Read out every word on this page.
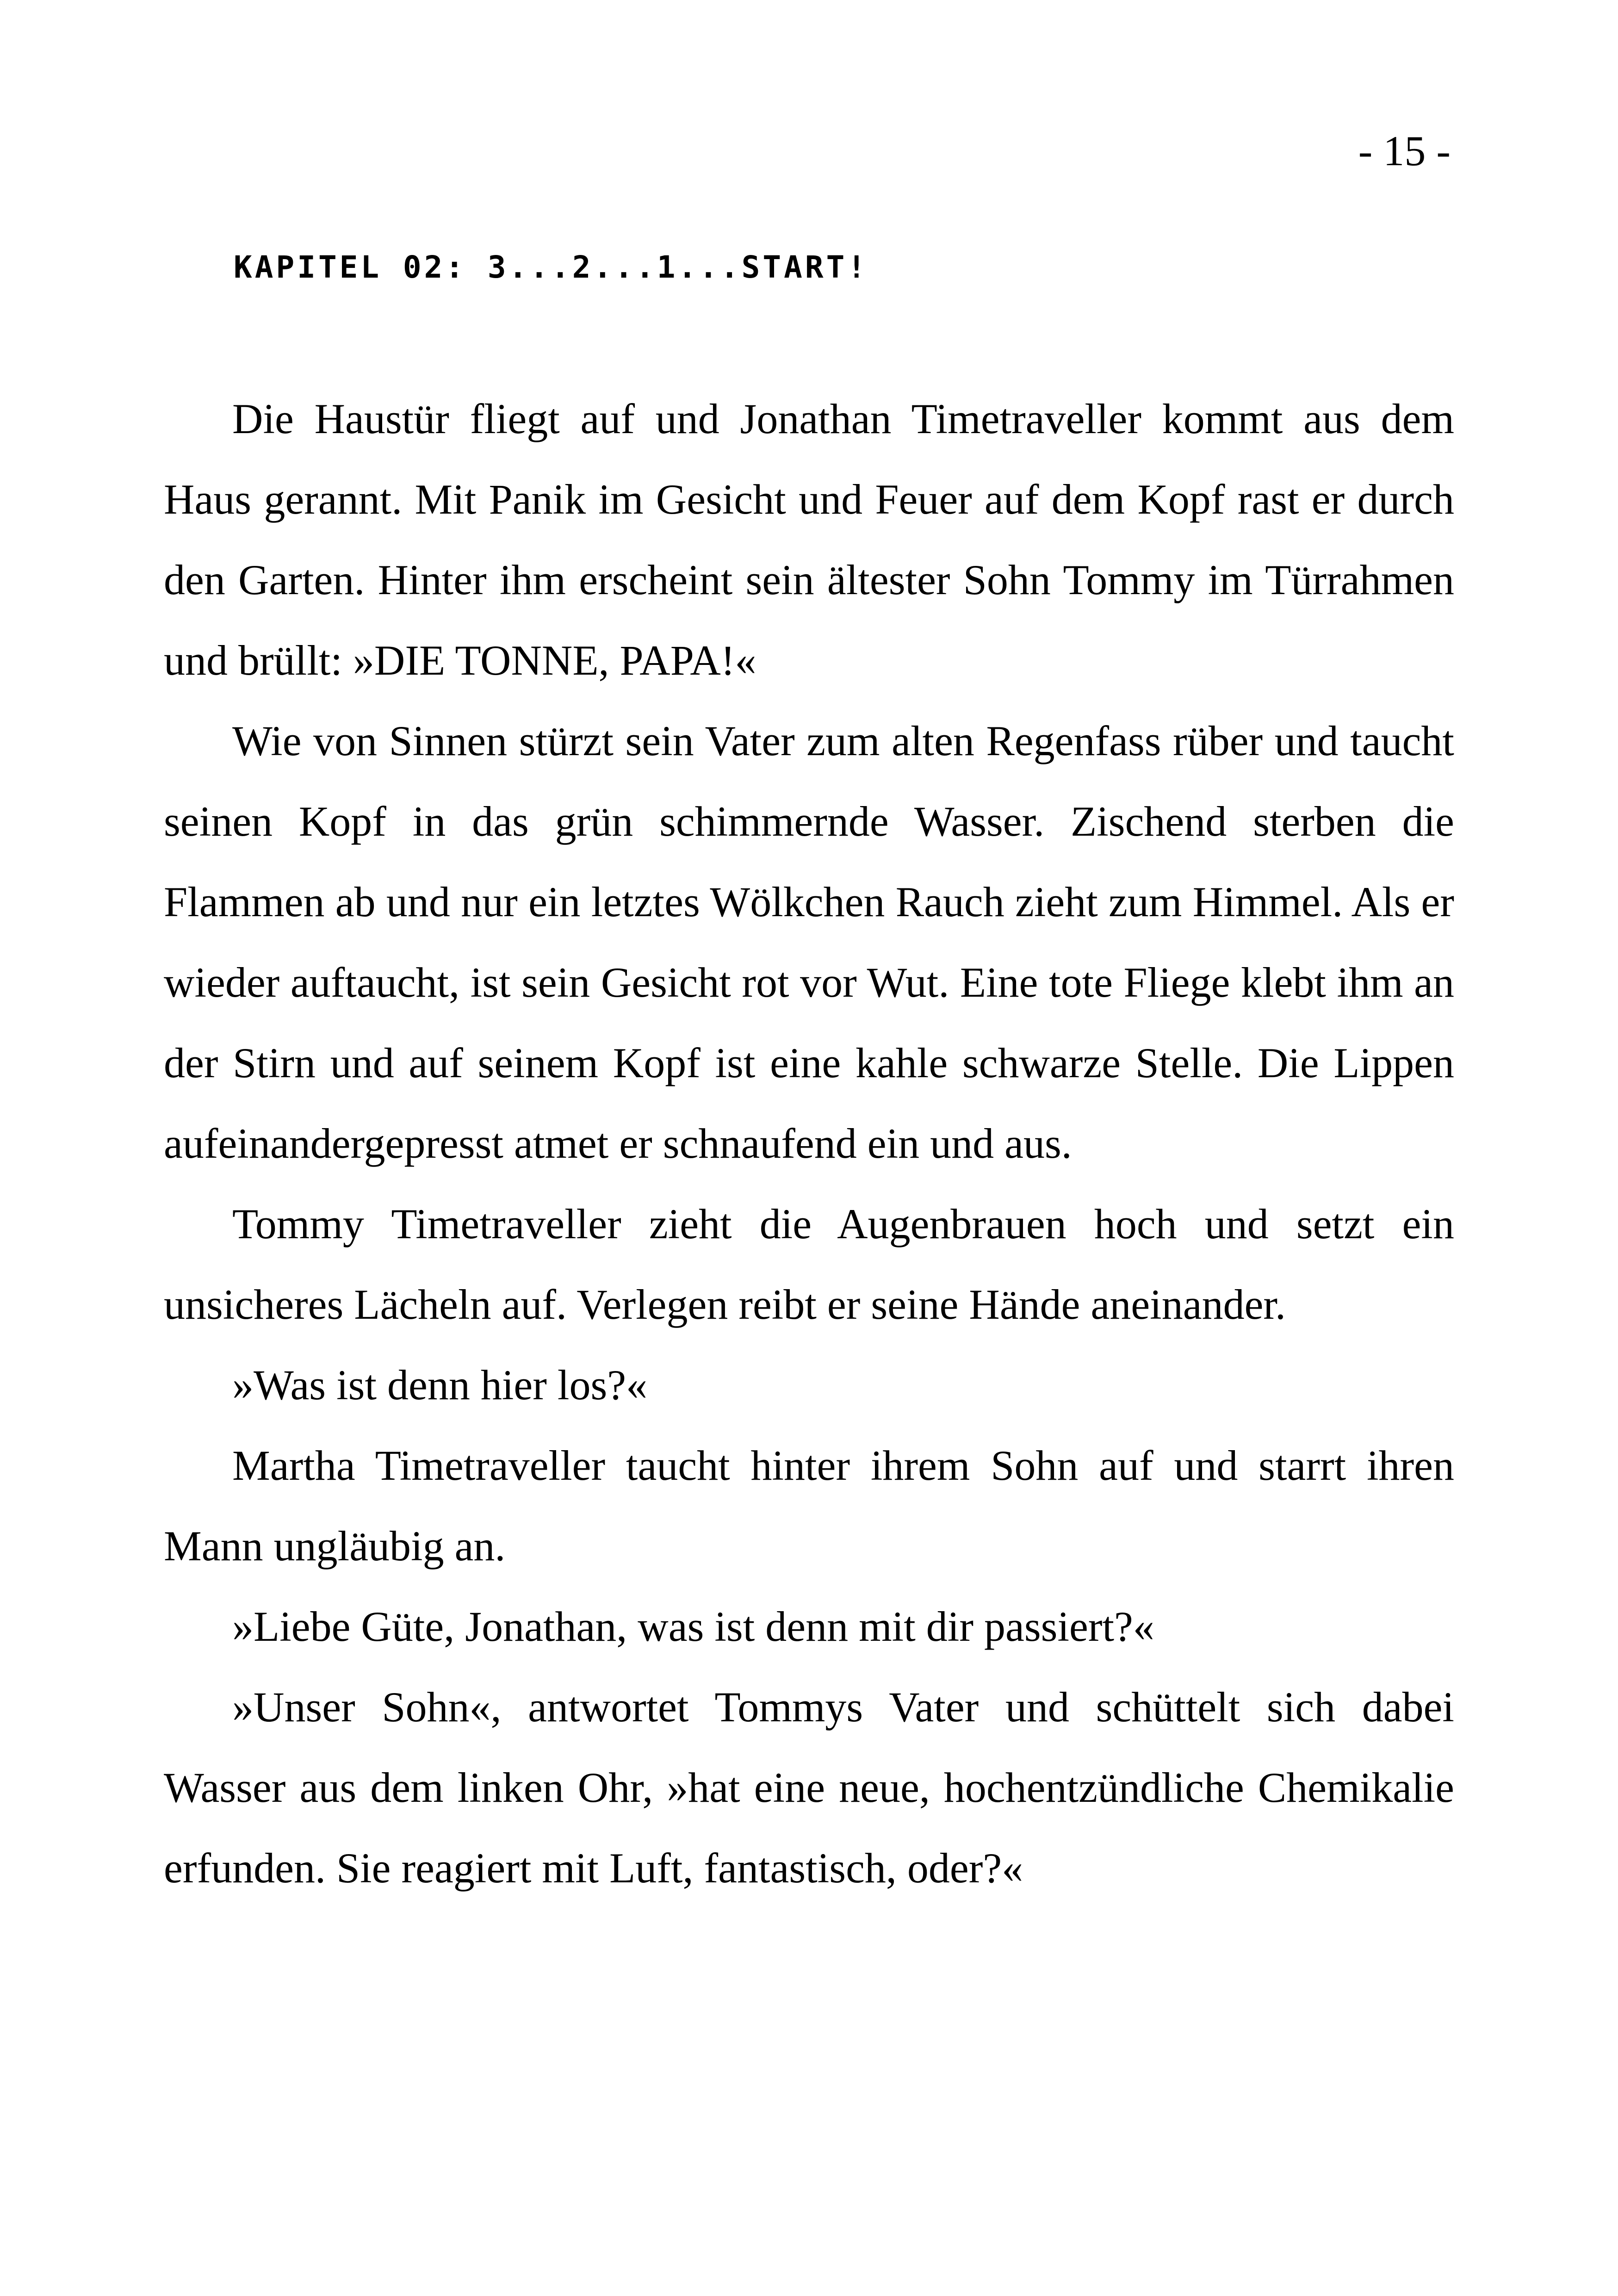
- 15 -
KAPITEL 02: 3...2...1...START!

Die Haustür fliegt auf und Jonathan Timetraveller kommt aus dem Haus gerannt. Mit Panik im Gesicht und Feuer auf dem Kopf rast er durch den Garten. Hinter ihm erscheint sein ältester Sohn Tommy im Türrahmen und brüllt: »DIE TONNE, PAPA!«

Wie von Sinnen stürzt sein Vater zum alten Regenfass rüber und taucht seinen Kopf in das grün schimmernde Wasser. Zischend sterben die Flammen ab und nur ein letztes Wölkchen Rauch zieht zum Himmel. Als er wieder auftaucht, ist sein Gesicht rot vor Wut. Eine tote Fliege klebt ihm an der Stirn und auf seinem Kopf ist eine kahle schwarze Stelle. Die Lippen aufeinandergepresst atmet er schnaufend ein und aus.

Tommy Timetraveller zieht die Augenbrauen hoch und setzt ein unsicheres Lächeln auf. Verlegen reibt er seine Hände aneinander.

»Was ist denn hier los?«

Martha Timetraveller taucht hinter ihrem Sohn auf und starrt ihren Mann ungläubig an.

»Liebe Güte, Jonathan, was ist denn mit dir passiert?«

»Unser Sohn«, antwortet Tommys Vater und schüttelt sich dabei Wasser aus dem linken Ohr, »hat eine neue, hochentzündliche Chemikalie erfunden. Sie reagiert mit Luft, fantastisch, oder?«
